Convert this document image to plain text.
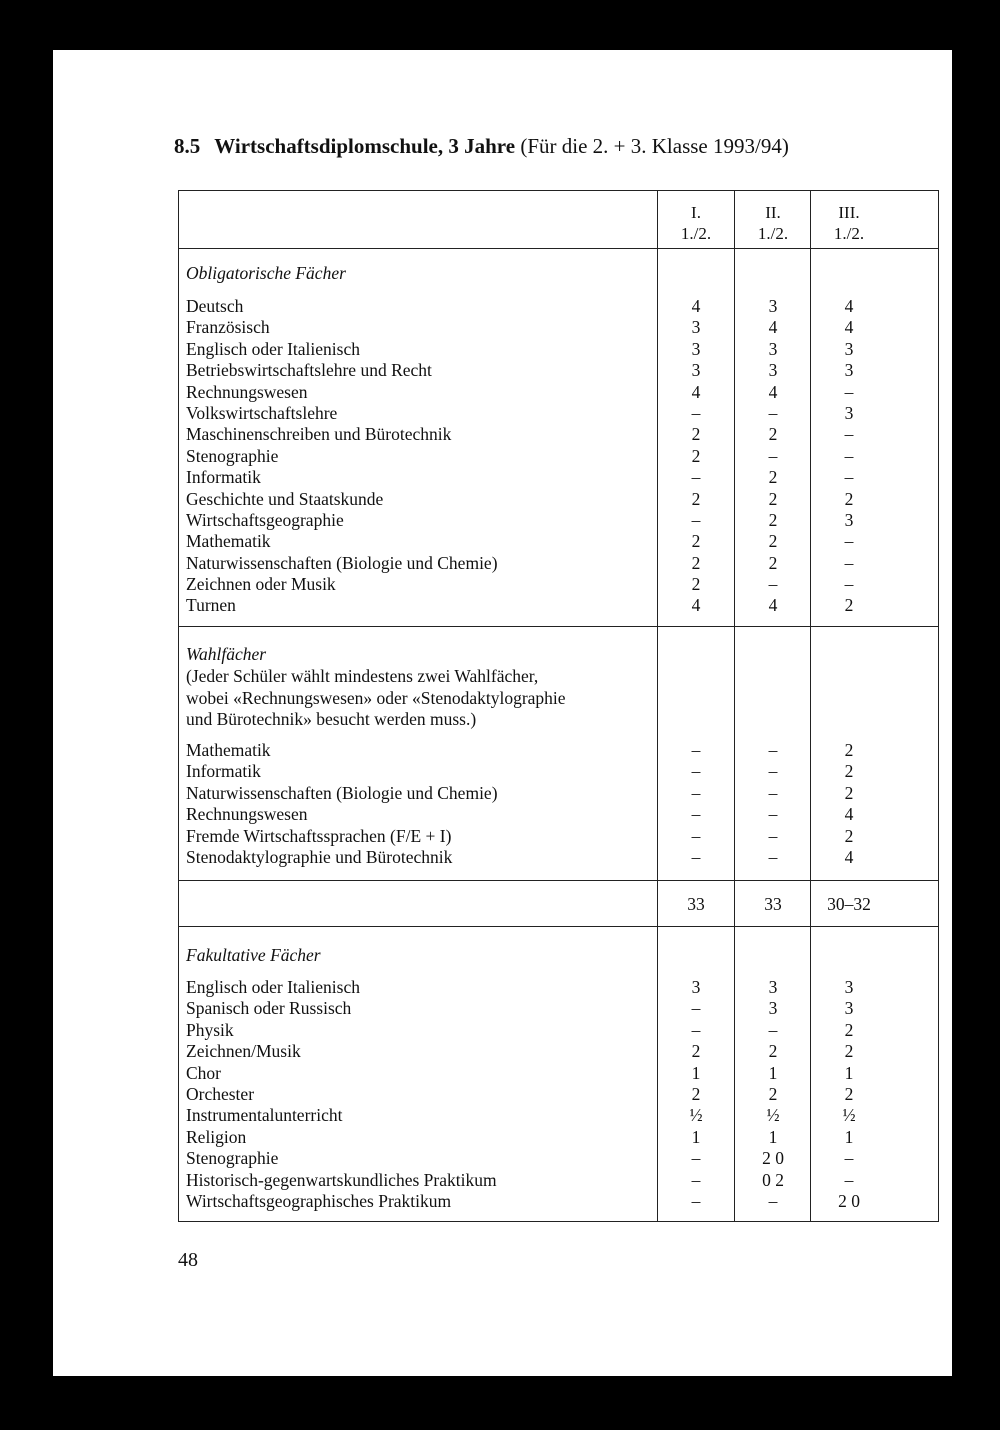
8.5 Wirtschaftsdiplomschule, 3 Jahre (Für die 2. + 3. Klasse 1993/94)
I.
1./2.
II.
1./2.
III.
1./2.
Obligatorische Fächer
Deutsch
Französisch
Englisch oder Italienisch
Betriebswirtschaftslehre und Recht
Rechnungswesen
Volkswirtschaftslehre
Maschinenschreiben und Bürotechnik
Stenographie
Informatik
Geschichte und Staatskunde
Wirtschaftsgeographie
Mathematik
Naturwissenschaften (Biologie und Chemie)
Zeichnen oder Musik
Turnen
4
3
3
3
4
–
2
2
–
2
–
2
2
2
4
3
4
3
3
4
–
2
–
2
2
2
2
2
–
4
4
4
3
3
–
3
–
–
–
2
3
–
–
–
2
Wahlfächer
(Jeder Schüler wählt mindestens zwei Wahlfächer,
wobei «Rechnungswesen» oder «Stenodaktylographie
und Bürotechnik» besucht werden muss.)
Mathematik
Informatik
Naturwissenschaften (Biologie und Chemie)
Rechnungswesen
Fremde Wirtschaftssprachen (F/E + I)
Stenodaktylographie und Bürotechnik
–
–
–
–
–
–
–
–
–
–
–
–
2
2
2
4
2
4
33	33	30–32
Fakultative Fächer
Englisch oder Italienisch
Spanisch oder Russisch
Physik
Zeichnen/Musik
Chor
Orchester
Instrumentalunterricht
Religion
Stenographie
Historisch-gegenwartskundliches Praktikum
Wirtschaftsgeographisches Praktikum
3
–
–
2
1
2
½
1
–
–
–
3
3
–
2
1
2
½
1
2 0
0 2
–
3
3
2
2
1
2
½
1
–
–
2 0
48
